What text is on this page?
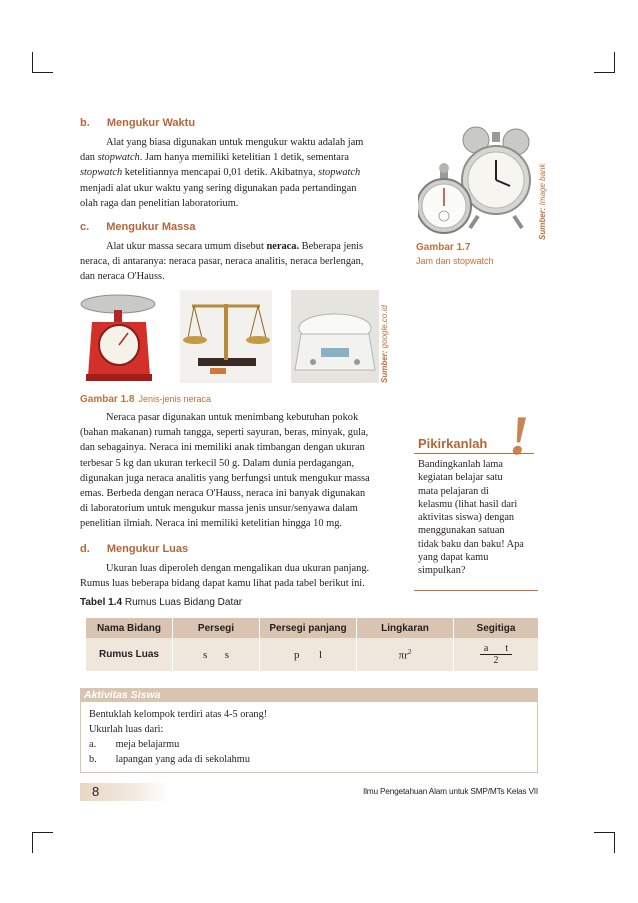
b. Mengukur Waktu
Alat yang biasa digunakan untuk mengukur waktu adalah jam
dan stopwatch. Jam hanya memiliki ketelitian 1 detik, sementara
stopwatch ketelitiannya mencapai 0,01 detik. Akibatnya, stopwatch
menjadi alat ukur waktu yang sering digunakan pada pertandingan
olah raga dan penelitian laboratorium.
c. Mengukur Massa
Alat ukur massa secara umum disebut neraca. Beberapa jenis
neraca, di antaranya: neraca pasar, neraca analitis, neraca berlengan,
dan neraca O'Hauss.
Sumber: Image bank
Gambar 1.7
Jam dan stopwatch
Sumber: google.co.id
Gambar 1.8 Jenis-jenis neraca
Neraca pasar digunakan untuk menimbang kebutuhan pokok
(bahan makanan) rumah tangga, seperti sayuran, beras, minyak, gula,
dan sebagainya. Neraca ini memiliki anak timbangan dengan ukuran
terbesar 5 kg dan ukuran terkecil 50 g. Dalam dunia perdagangan,
digunakan juga neraca analitis yang berfungsi untuk mengukur massa
emas. Berbeda dengan neraca O'Hauss, neraca ini banyak digunakan
di laboratorium untuk mengukur massa jenis unsur/senyawa dalam
penelitian ilmiah. Neraca ini memiliki ketelitian hingga 10 mg.
d. Mengukur Luas
Ukuran luas diperoleh dengan mengalikan dua ukuran panjang.
Rumus luas beberapa bidang dapat kamu lihat pada tabel berikut ini.
Pikirkanlah !
Bandingkanlah lama
kegiatan belajar satu
mata pelajaran di
kelasmu (lihat hasil dari
aktivitas siswa) dengan
menggunakan satuan
tidak baku dan baku! Apa
yang dapat kamu
simpulkan?
Tabel 1.4 Rumus Luas Bidang Datar
Nama Bidang	Persegi	Persegi panjang	Lingkaran	Segitiga
Rumus Luas	s s	p l	$\pi r^2$	a t
2
Aktivitas Siswa
Bentuklah kelompok terdiri atas 4-5 orang!
Ukurlah luas dari:
a. meja belajarmu
b. lapangan yang ada di sekolahmu
8	Ilmu Pengetahuan Alam untuk SMP/MTs Kelas VII
